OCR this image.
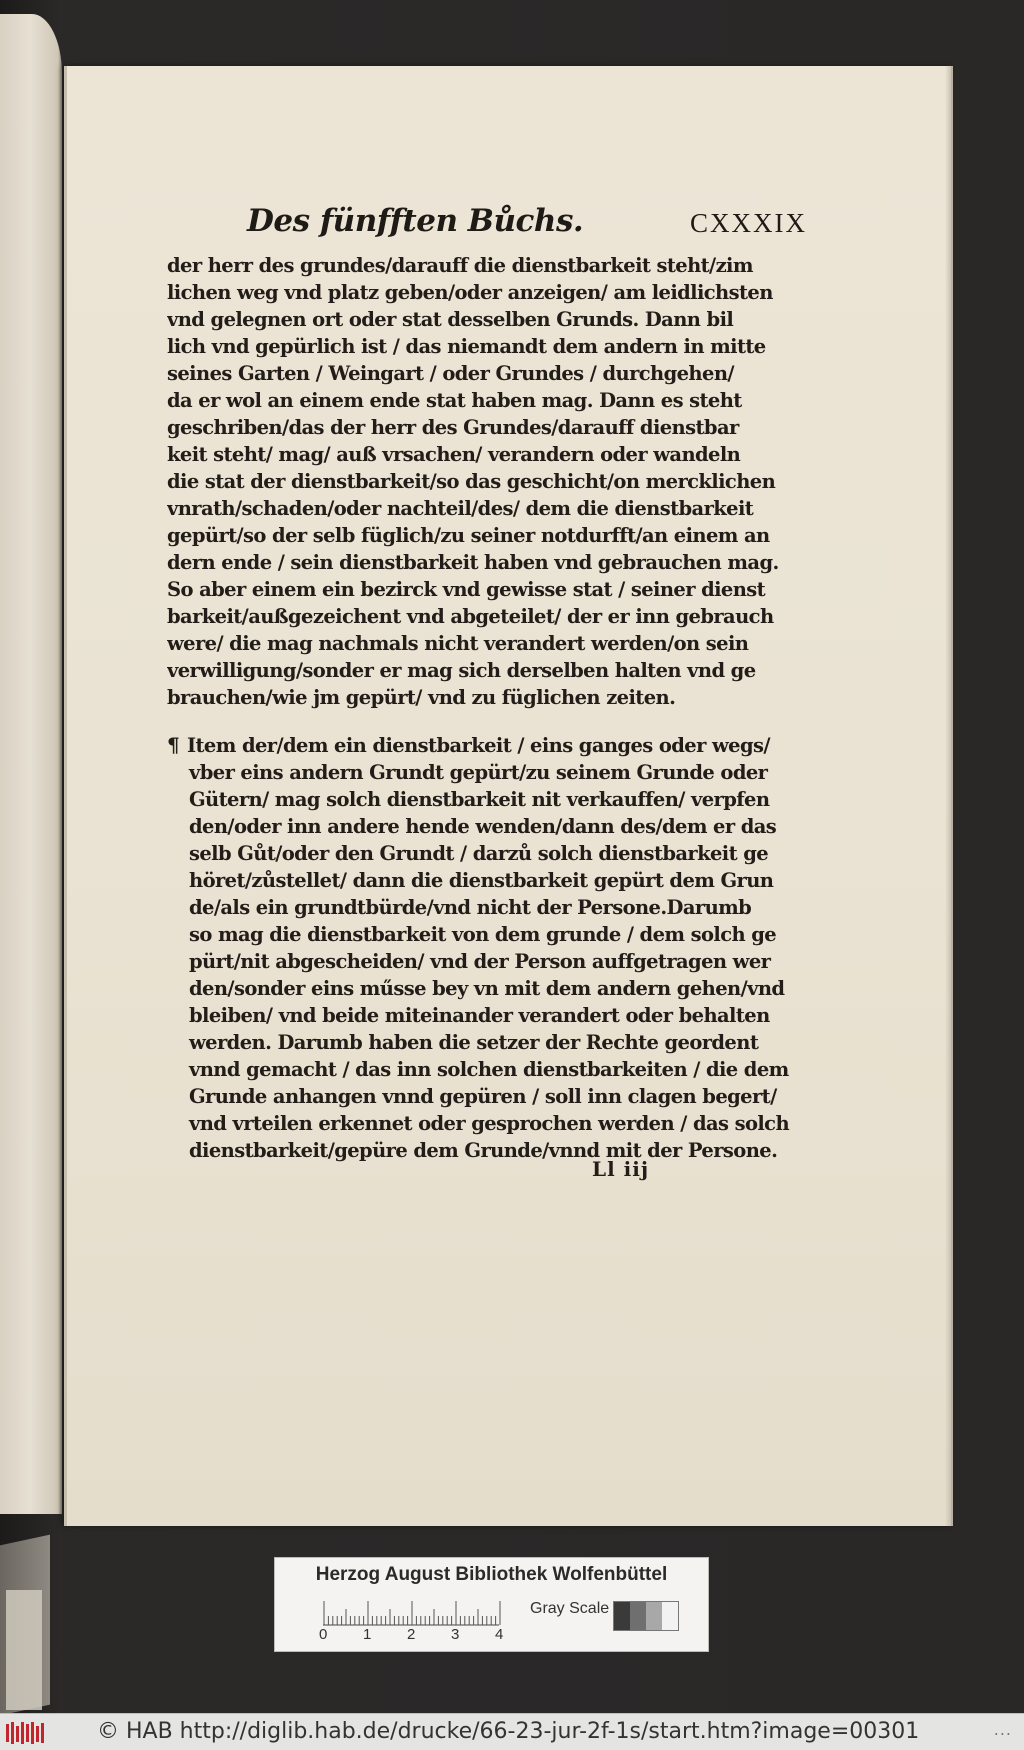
Des fünfften Bůchs.	CXXXIX
der herr des grundes/darauff die dienstbarkeit steht/zim
lichen weg vnd platz geben/oder anzeigen/ am leidlichsten
vnd gelegnen ort oder stat desselben Grunds. Dann bil
lich vnd gepürlich ist / das niemandt dem andern in mitte
seines Garten / Weingart / oder Grundes / durchgehen/
da er wol an einem ende stat haben mag. Dann es steht
geschriben/das der herr des Grundes/darauff dienstbar
keit steht/ mag/ auß vrsachen/ verandern oder wandeln
die stat der dienstbarkeit/so das geschicht/on mercklichen
vnrath/schaden/oder nachteil/des/ dem die dienstbarkeit
gepürt/so der selb füglich/zu seiner notdurfft/an einem an
dern ende / sein dienstbarkeit haben vnd gebrauchen mag.
So aber einem ein bezirck vnd gewisse stat / seiner dienst
barkeit/außgezeichent vnd abgeteilet/ der er inn gebrauch
were/ die mag nachmals nicht verandert werden/on sein
verwilligung/sonder er mag sich derselben halten vnd ge
brauchen/wie jm gepürt/ vnd zu füglichen zeiten.
¶ Item der/dem ein dienstbarkeit / eins ganges oder wegs/
vber eins andern Grundt gepürt/zu seinem Grunde oder
Gütern/ mag solch dienstbarkeit nit verkauffen/ verpfen
den/oder inn andere hende wenden/dann des/dem er das
selb Gůt/oder den Grundt / darzů solch dienstbarkeit ge
höret/zůstellet/ dann die dienstbarkeit gepürt dem Grun
de/als ein grundtbürde/vnd nicht der Persone.Darumb
so mag die dienstbarkeit von dem grunde / dem solch ge
pürt/nit abgescheiden/ vnd der Person auffgetragen wer
den/sonder eins műsse bey vn mit dem andern gehen/vnd
bleiben/ vnd beide miteinander verandert oder behalten
werden. Darumb haben die setzer der Rechte geordent
vnnd gemacht / das inn solchen dienstbarkeiten / die dem
Grunde anhangen vnnd gepüren / soll inn clagen begert/
vnd vrteilen erkennet oder gesprochen werden / das solch
dienstbarkeit/gepüre dem Grunde/vnnd mit der Persone.
Ll iij
Herzog August Bibliothek Wolfenbüttel
0 1 2 3 4
Gray Scale
© HAB http://diglib.hab.de/drucke/66-23-jur-2f-1s/start.htm?image=00301	...
